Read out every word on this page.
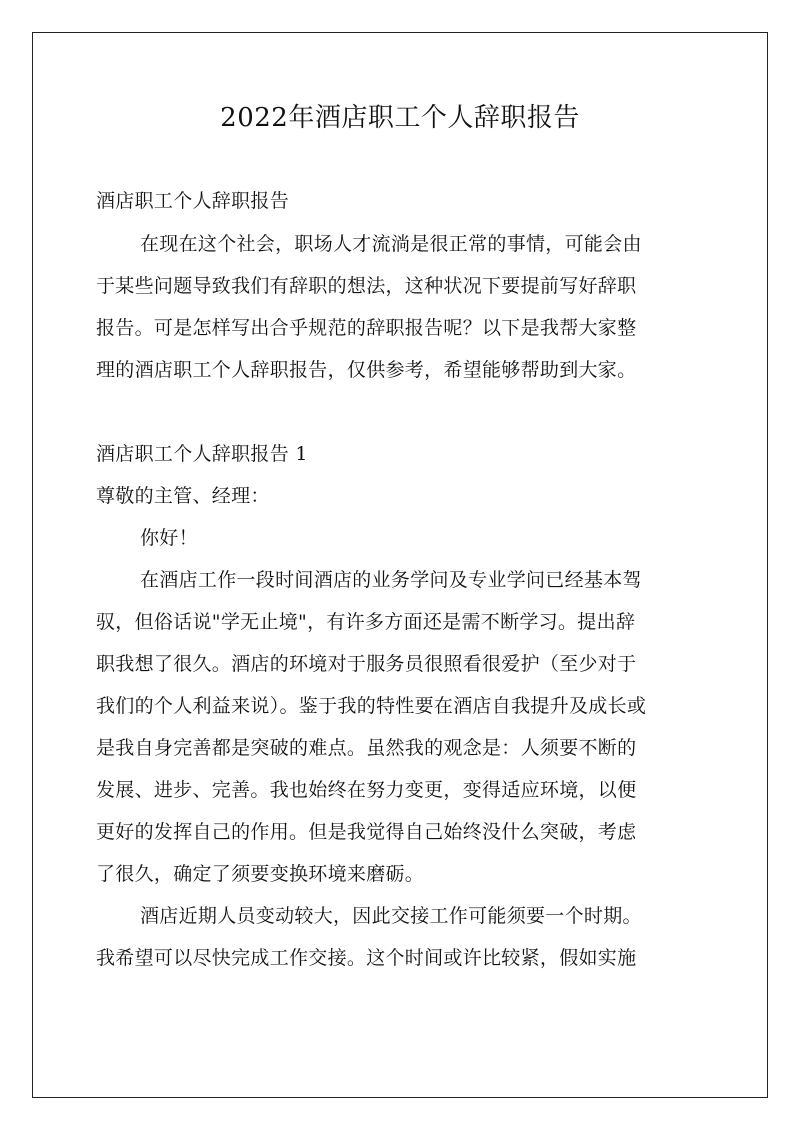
2022年酒店职工个人辞职报告
酒店职工个人辞职报告
在现在这个社会，职场人才流淌是很正常的事情，可能会由
于某些问题导致我们有辞职的想法，这种状况下要提前写好辞职
报告。可是怎样写出合乎规范的辞职报告呢？以下是我帮大家整
理的酒店职工个人辞职报告，仅供参考，希望能够帮助到大家。
酒店职工个人辞职报告 1
尊敬的主管、经理：
你好！
在酒店工作一段时间酒店的业务学问及专业学问已经基本驾
驭，但俗话说"学无止境"，有许多方面还是需不断学习。提出辞
职我想了很久。酒店的环境对于服务员很照看很爱护（至少对于
我们的个人利益来说）。鉴于我的特性要在酒店自我提升及成长或
是我自身完善都是突破的难点。虽然我的观念是：人须要不断的
发展、进步、完善。我也始终在努力变更，变得适应环境，以便
更好的发挥自己的作用。但是我觉得自己始终没什么突破，考虑
了很久，确定了须要变换环境来磨砺。
酒店近期人员变动较大，因此交接工作可能须要一个时期。
我希望可以尽快完成工作交接。这个时间或许比较紧，假如实施
